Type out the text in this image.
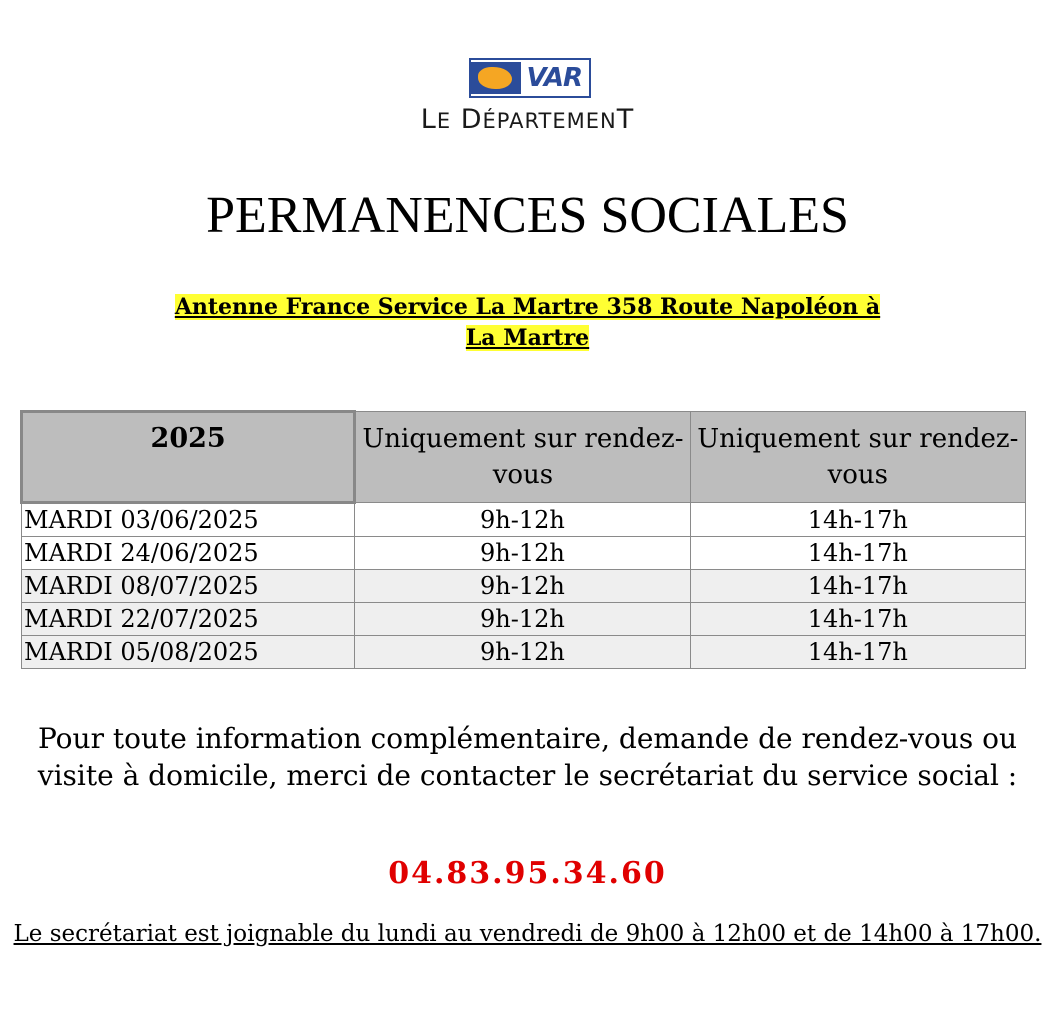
VAR
LE DÉPARTEMENT
PERMANENCES SOCIALES
Antenne France Service La Martre 358 Route Napoléon à
La Martre
2025	Uniquement sur rendez-vous	Uniquement sur rendez-vous
MARDI 03/06/2025	9h-12h	14h-17h
MARDI 24/06/2025	9h-12h	14h-17h
MARDI 08/07/2025	9h-12h	14h-17h
MARDI 22/07/2025	9h-12h	14h-17h
MARDI 05/08/2025	9h-12h	14h-17h
Pour toute information complémentaire, demande de rendez-vous ou visite à domicile, merci de contacter le secrétariat du service social :
04.83.95.34.60
Le secrétariat est joignable du lundi au vendredi de 9h00 à 12h00 et de 14h00 à 17h00.
